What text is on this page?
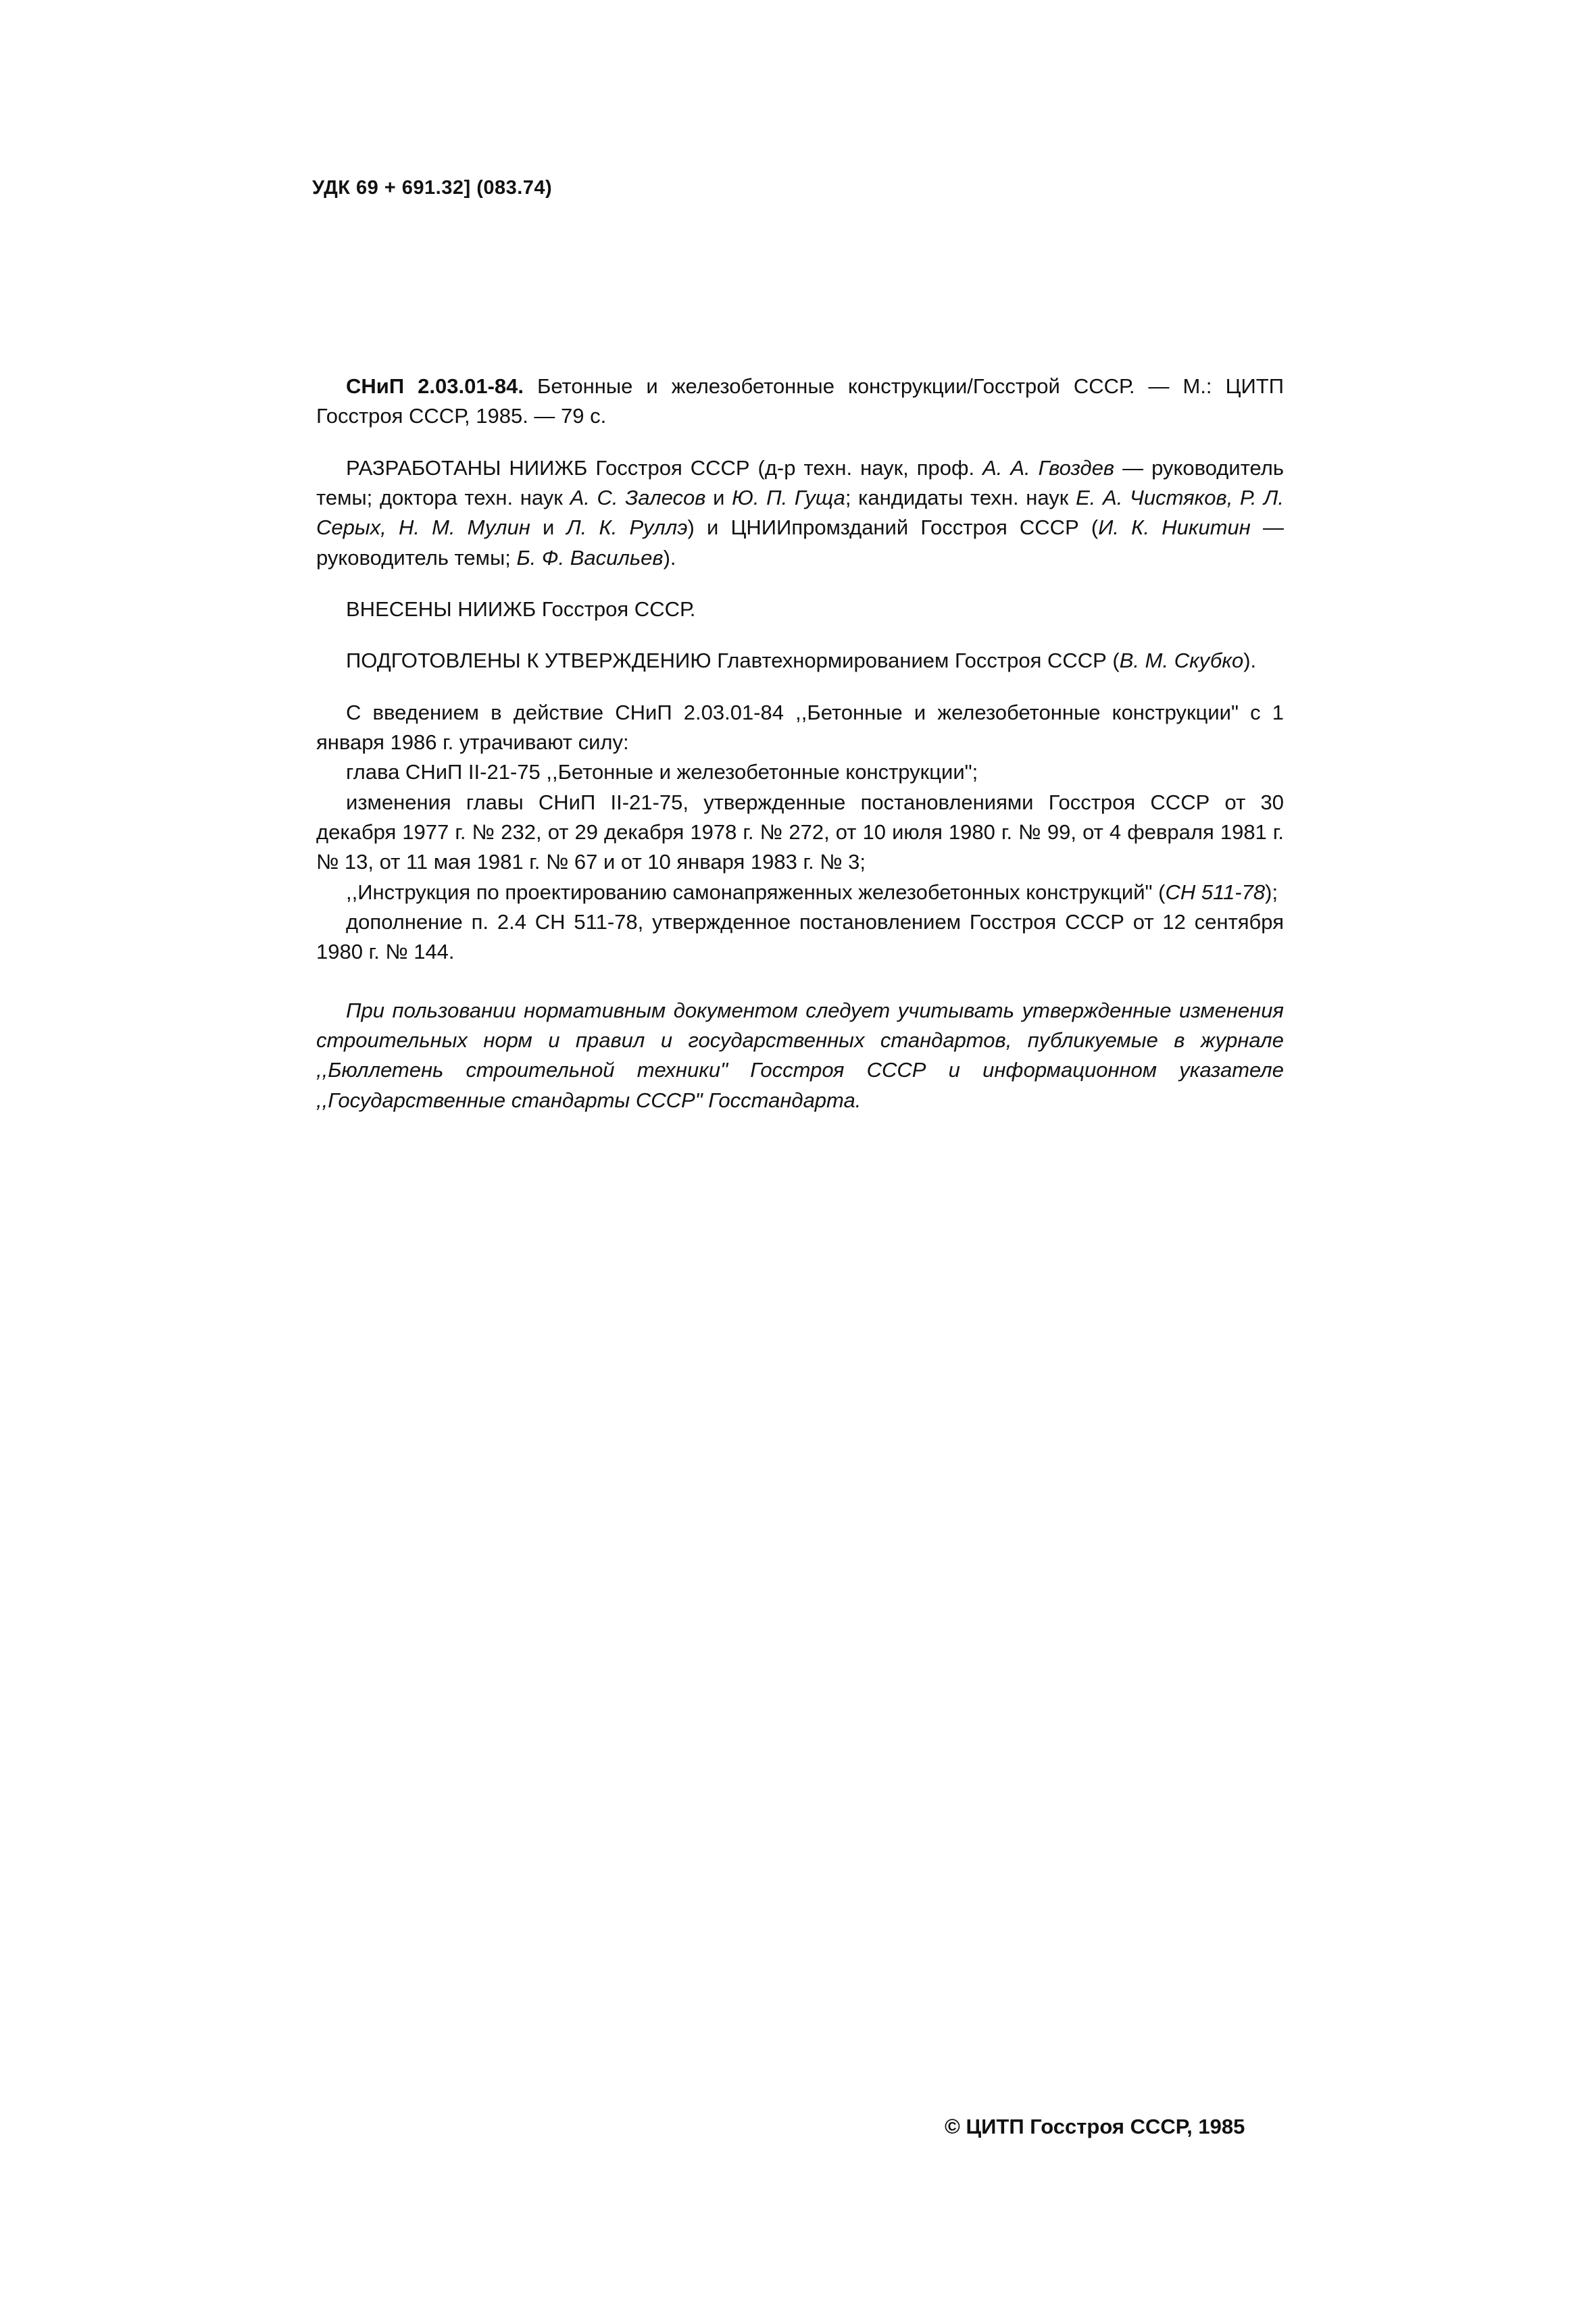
УДК 69 + 691.32] (083.74)

СНиП 2.03.01-84. Бетонные и железобетонные конструкции/Госстрой СССР. — М.: ЦИТП Госстроя СССР, 1985. — 79 с.

РАЗРАБОТАНЫ НИИЖБ Госстроя СССР (д-р техн. наук, проф. А. А. Гвоздев — руководитель темы; доктора техн. наук А. С. Залесов и Ю. П. Гуща; кандидаты техн. наук Е. А. Чистяков, Р. Л. Серых, Н. М. Мулин и Л. К. Руллэ) и ЦНИИпромзданий Госстроя СССР (И. К. Никитин — руководитель темы; Б. Ф. Васильев).

ВНЕСЕНЫ НИИЖБ Госстроя СССР.

ПОДГОТОВЛЕНЫ К УТВЕРЖДЕНИЮ Главтехнормированием Госстроя СССР (В. М. Скубко).

С введением в действие СНиП 2.03.01-84 ,,Бетонные и железобетонные конструкции" с 1 января 1986 г. утрачивают силу:

глава СНиП II-21-75 ,,Бетонные и железобетонные конструкции";

изменения главы СНиП II-21-75, утвержденные постановлениями Госстроя СССР от 30 декабря 1977 г. № 232, от 29 декабря 1978 г. № 272, от 10 июля 1980 г. № 99, от 4 февраля 1981 г. № 13, от 11 мая 1981 г. № 67 и от 10 января 1983 г. № 3;

,,Инструкция по проектированию самонапряженных железобетонных конструкций" (СН 511-78);

дополнение п. 2.4 СН 511-78, утвержденное постановлением Госстроя СССР от 12 сентября 1980 г. № 144.

При пользовании нормативным документом следует учитывать утвержденные изменения строительных норм и правил и государственных стандартов, публикуемые в журнале ,,Бюллетень строительной техники" Госстроя СССР и информационном указателе ,,Государственные стандарты СССР" Госстандарта.

© ЦИТП Госстроя СССР, 1985
